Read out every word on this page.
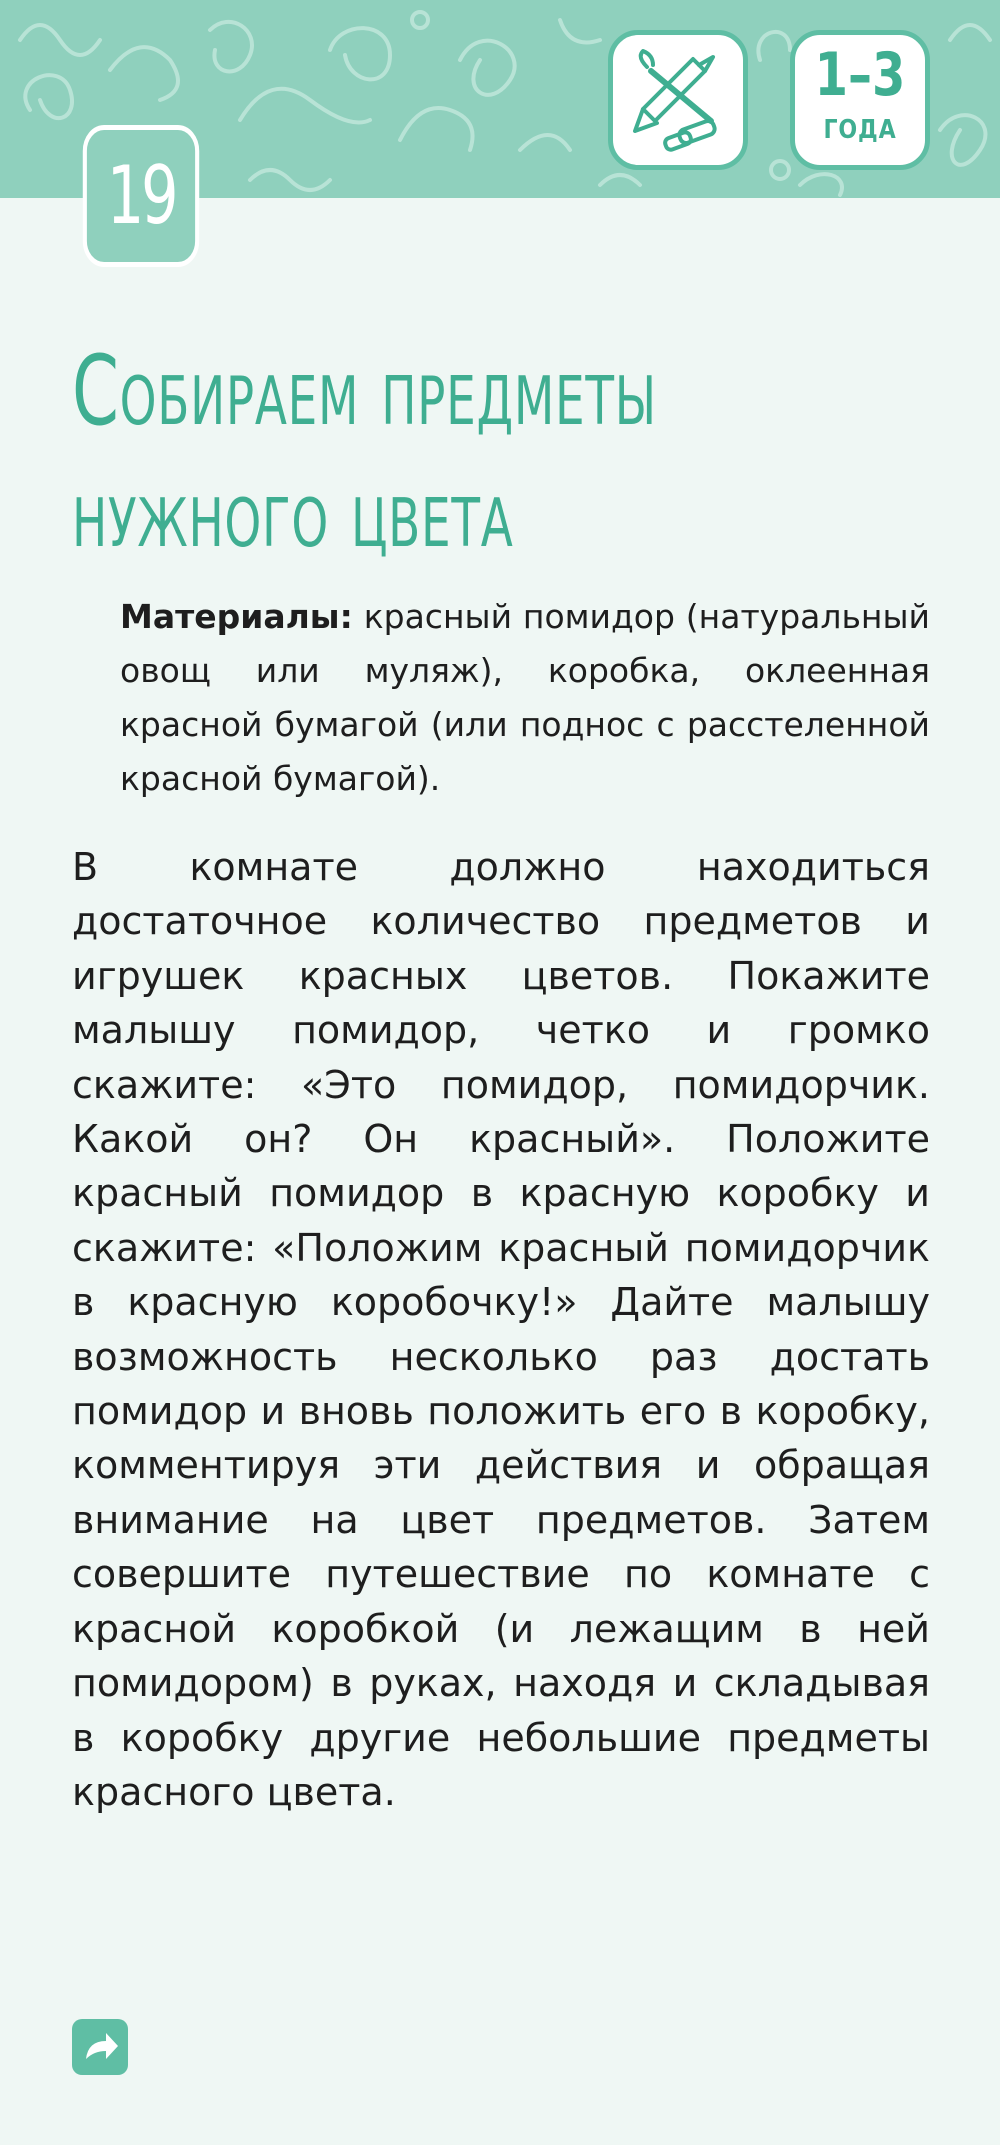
19
1–3
ГОДА
Собираем предметы
нужного цвета

Материалы: красный помидор (натуральный овощ или муляж), коробка, оклеенная красной бумагой (или поднос с расстеленной красной бумагой).

В комнате должно находиться достаточное количество предметов и игрушек красных цветов. Покажите малышу помидор, четко и громко скажите: «Это помидор, помидорчик. Какой он? Он красный». Положите красный помидор в красную коробку и скажите: «Положим красный помидорчик в красную коробочку!» Дайте малышу возможность несколько раз достать помидор и вновь положить его в коробку, комментируя эти действия и обращая внимание на цвет предметов. Затем совершите путешествие по комнате с красной коробкой (и лежащим в ней помидором) в руках, находя и складывая в коробку другие небольшие предметы красного цвета.
